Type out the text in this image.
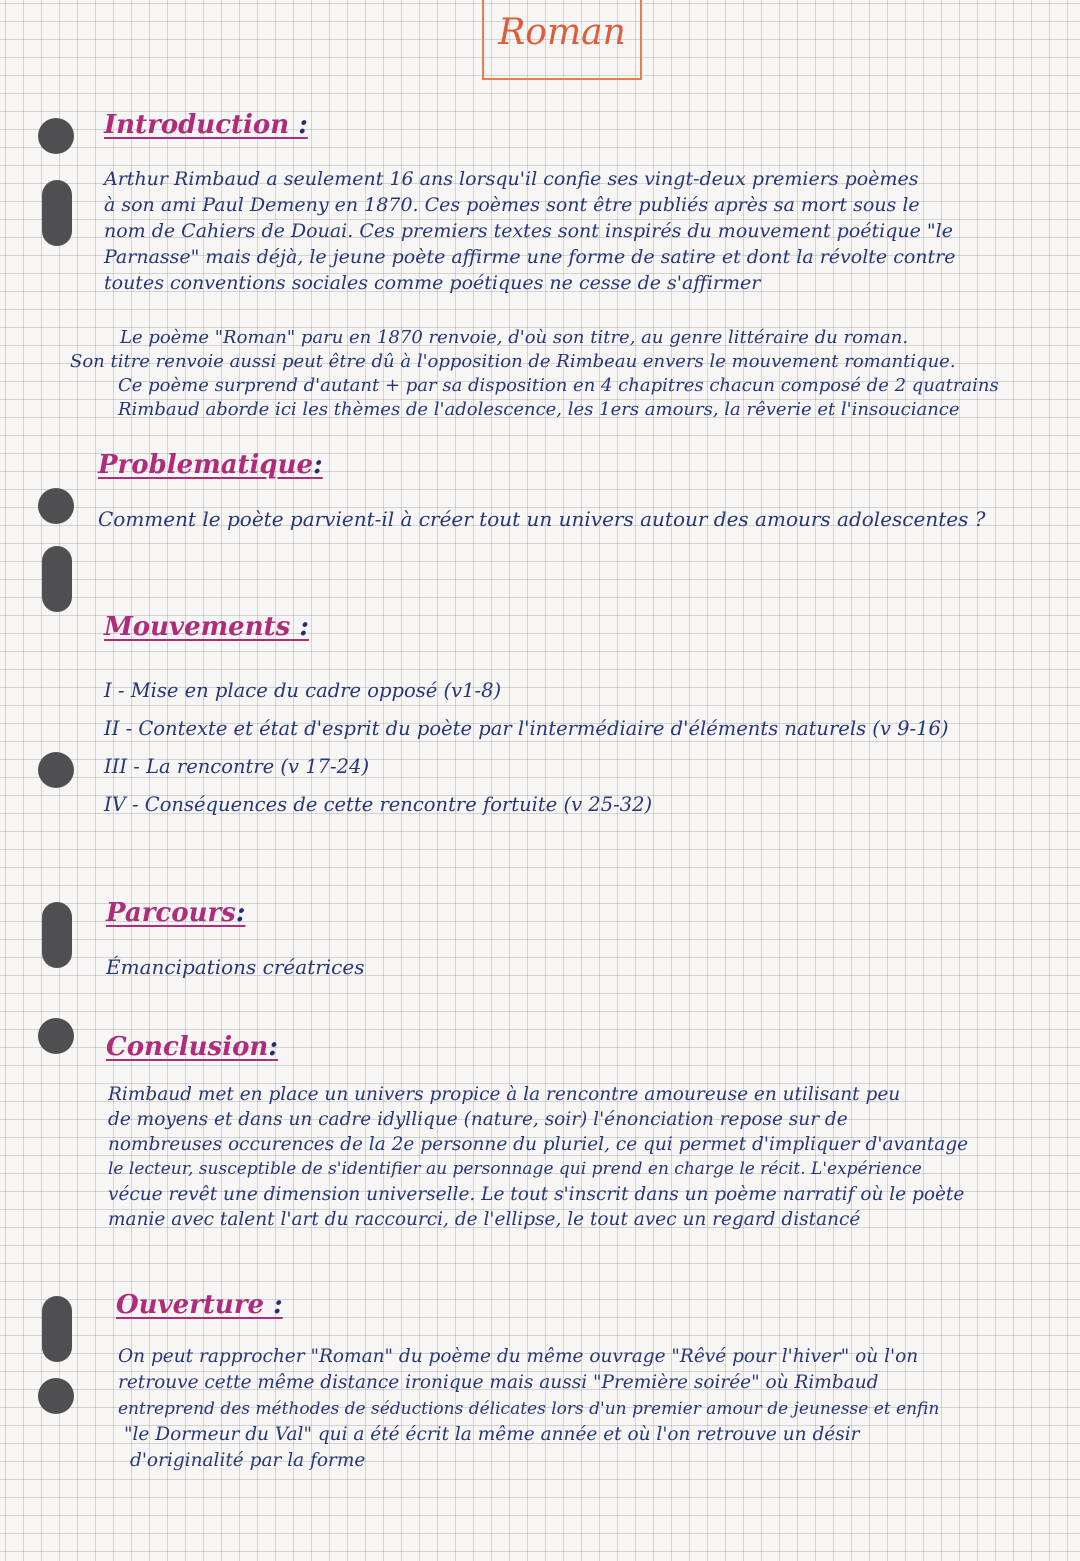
Roman
Introduction :
Arthur Rimbaud a seulement 16 ans lorsqu'il confie ses vingt-deux premiers poèmes
à son ami Paul Demeny en 1870. Ces poèmes sont être publiés après sa mort sous le
nom de Cahiers de Douai. Ces premiers textes sont inspirés du mouvement poétique "le
Parnasse" mais déjà, le jeune poète affirme une forme de satire et dont la révolte contre
toutes conventions sociales comme poétiques ne cesse de s'affirmer
Le poème "Roman" paru en 1870 renvoie, d'où son titre, au genre littéraire du roman.
Son titre renvoie aussi peut être dû à l'opposition de Rimbeau envers le mouvement romantique.
Ce poème surprend d'autant + par sa disposition en 4 chapitres chacun composé de 2 quatrains
Rimbaud aborde ici les thèmes de l'adolescence, les 1ers amours, la rêverie et l'insouciance
Problematique:
Comment le poète parvient-il à créer tout un univers autour des amours adolescentes ?
Mouvements :
I - Mise en place du cadre opposé (v1-8)
II - Contexte et état d'esprit du poète par l'intermédiaire d'éléments naturels (v 9-16)
III - La rencontre (v 17-24)
IV - Conséquences de cette rencontre fortuite (v 25-32)
Parcours:
Émancipations créatrices
Conclusion:
Rimbaud met en place un univers propice à la rencontre amoureuse en utilisant peu
de moyens et dans un cadre idyllique (nature, soir) l'énonciation repose sur de
nombreuses occurences de la 2e personne du pluriel, ce qui permet d'impliquer d'avantage
le lecteur, susceptible de s'identifier au personnage qui prend en charge le récit. L'expérience
vécue revêt une dimension universelle. Le tout s'inscrit dans un poème narratif où le poète
manie avec talent l'art du raccourci, de l'ellipse, le tout avec un regard distancé
Ouverture :
On peut rapprocher "Roman" du poème du même ouvrage "Rêvé pour l'hiver" où l'on
retrouve cette même distance ironique mais aussi "Première soirée" où Rimbaud
entreprend des méthodes de séductions délicates lors d'un premier amour de jeunesse et enfin
"le Dormeur du Val" qui a été écrit la même année et où l'on retrouve un désir
d'originalité par la forme
